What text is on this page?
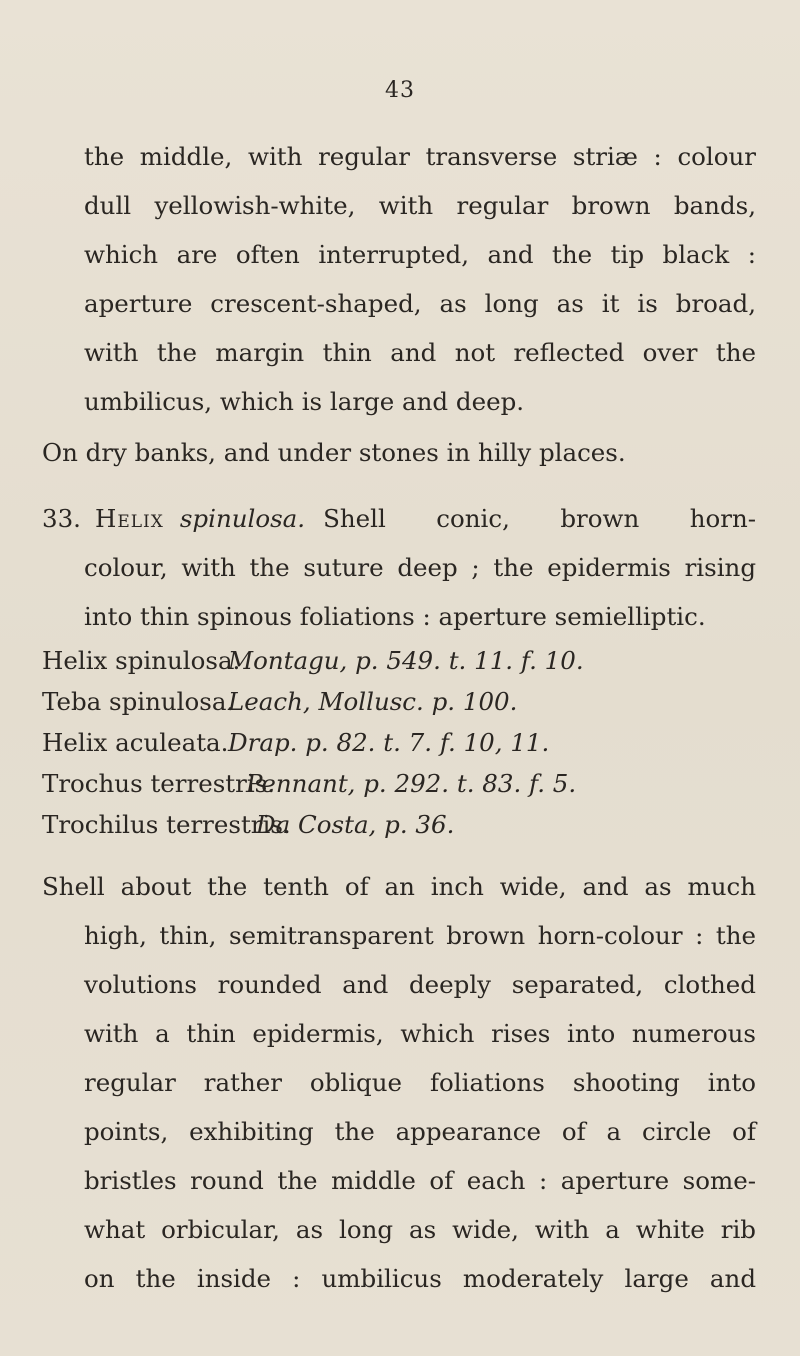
43
the middle, with regular transverse striæ : colour
dull yellowish-white, with regular brown bands,
which are often interrupted, and the tip black :
aperture crescent-shaped, as long as it is broad,
with the margin thin and not reflected over the
umbilicus, which is large and deep.
On dry banks, and under stones in hilly places.
33. Helix spinulosa. Shell conic, brown horn-
colour, with the suture deep ; the epidermis rising
into thin spinous foliations : aperture semielliptic.
Helix spinulosa.Montagu, p. 549. t. 11. f. 10.
Teba spinulosa.Leach, Mollusc. p. 100.
Helix aculeata.Drap. p. 82. t. 7. f. 10, 11.
Trochus terrestris.Pennant, p. 292. t. 83. f. 5.
Trochilus terrestris.Da Costa, p. 36.
Shell about the tenth of an inch wide, and as much
high, thin, semitransparent brown horn-colour : the
volutions rounded and deeply separated, clothed
with a thin epidermis, which rises into numerous
regular rather oblique foliations shooting into
points, exhibiting the appearance of a circle of
bristles round the middle of each : aperture some-
what orbicular, as long as wide, with a white rib
on the inside : umbilicus moderately large and
